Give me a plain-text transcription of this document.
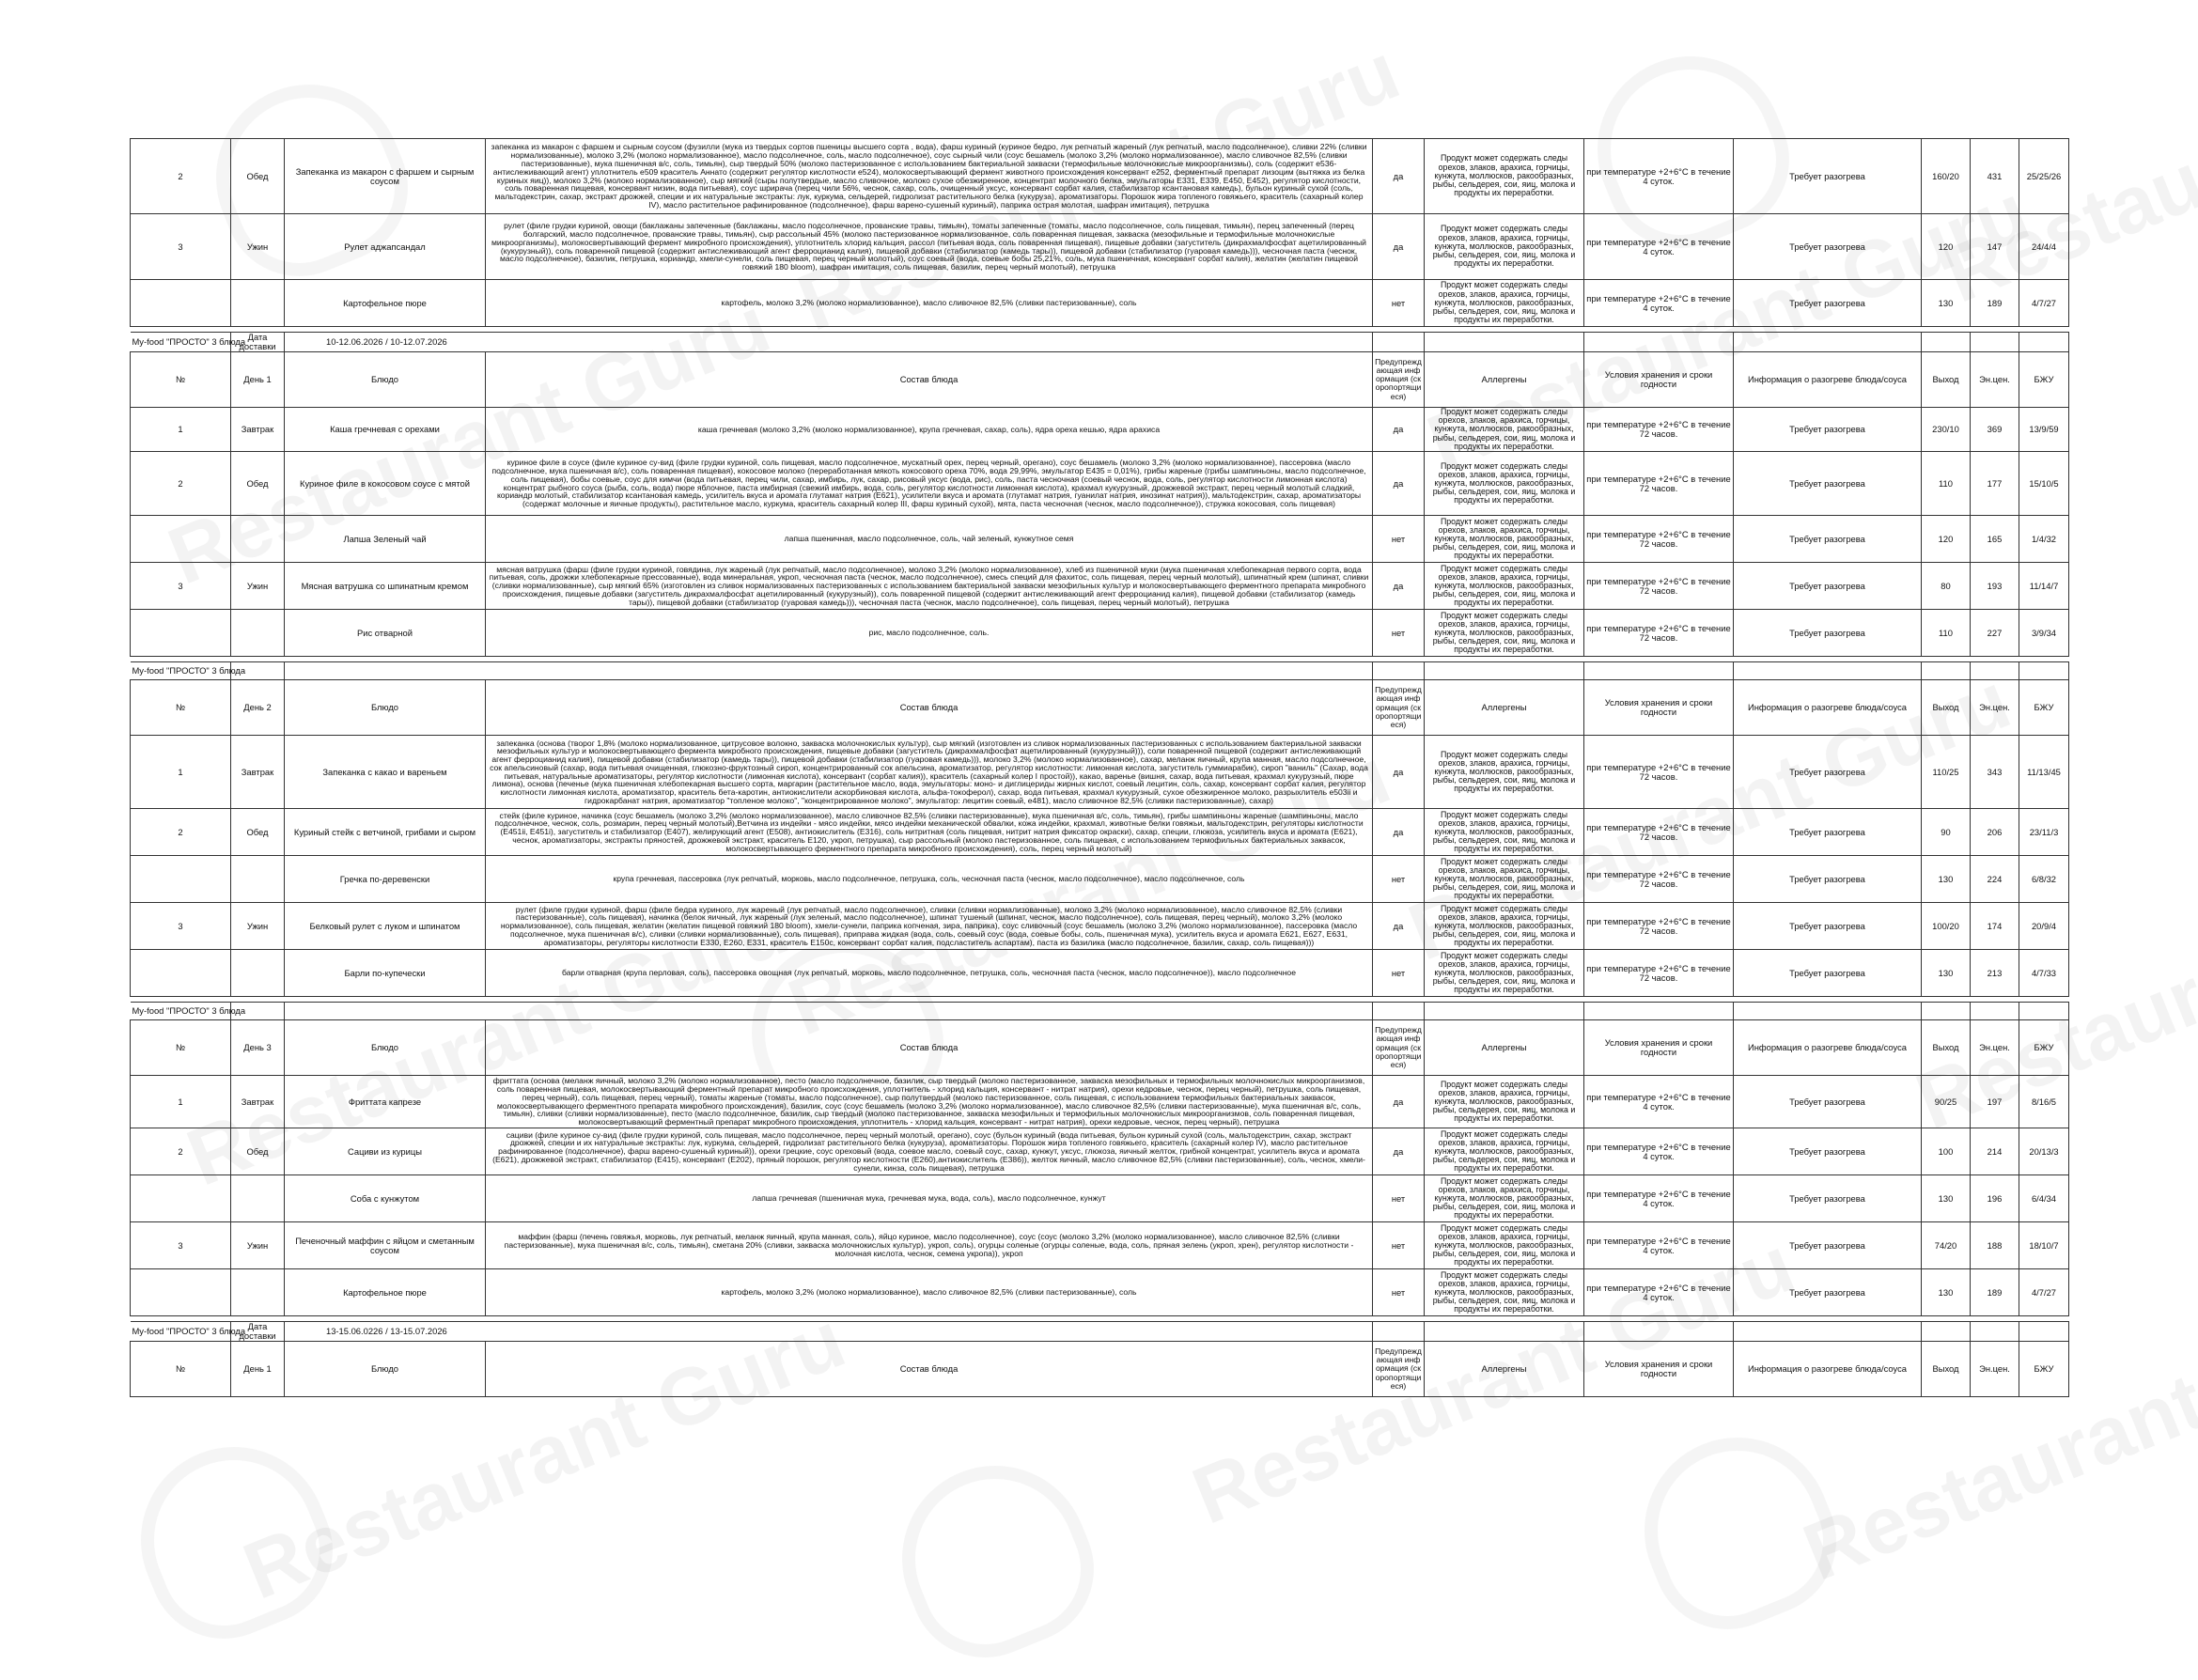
2	Обед	Запеканка из макарон с фаршем и сырным соусом	запеканка из макарон с фаршем и сырным соусом (фузилли (мука из твердых сортов пшеницы высшего сорта , вода), фарш куриный (куриное бедро, лук репчатый жареный (лук репчатый, масло подсолнечное), сливки 22% (сливки нормализованные), молоко 3,2% (молоко нормализованное), масло подсолнечное, соль, масло подсолнечное), соус сырный чили (соус бешамель (молоко 3,2% (молоко нормализованное), масло сливочное 82,5% (сливки пастеризованные), мука пшеничная в/с, соль, тимьян), сыр твердый 50% (молоко пастеризованное с использованием бактериальной закваски (термофильные молочнокислые микроорганизмы), соль (содержит е536- антислеживающий агент) уплотнитель е509 краситель Аннато (содержит регулятор кислотности е524), молокосвертывающий фермент животного происхождения консервант е252, ферментный препарат лизоцим (вытяжка из белка куриных яиц)), молоко 3,2% (молоко нормализованное), сыр мягкий (сыры полутвердые, масло сливочное, молоко сухое обезжиренное, концентрат молочного белка, эмульгаторы Е331, Е339, Е450, Е452), регулятор кислотности, соль поваренная пищевая, консервант низин, вода питьевая), соус шрирача (перец чили 56%, чеснок, сахар, соль, очищенный уксус, консервант сорбат калия, стабилизатор ксантановая камедь), бульон куриный сухой (соль, мальтодекстрин, сахар, экстракт дрожжей, специи и их натуральные экстракты: лук, куркума, сельдерей, гидролизат растительного белка (кукуруза), ароматизаторы. Порошок жира топленого говяжьего, краситель (сахарный колер IV), масло растительное рафинированное (подсолнечное), фарш варено-сушеный куриный), паприка острая молотая, шафран имитация), петрушка	да	Продукт может содержать следы орехов, злаков, арахиса, горчицы, кунжута, моллюсков, ракообразных, рыбы, сельдерея, сои, яиц, молока и продукты их переработки.	при температуре +2+6°С в течение 4 суток.	Требует разогрева	160/20	431	25/25/26
3	Ужин	Рулет аджапсандал	рулет (филе грудки куриной, овощи (баклажаны запеченные (баклажаны, масло подсолнечное, прованские травы, тимьян), томаты запеченные (томаты, масло подсолнечное, соль пищевая, тимьян), перец запеченный (перец болгарский, масло подсолнечное, прованские травы, тимьян), сыр рассольный 45% (молоко пастеризованное нормализованное, соль поваренная пищевая, закваска (мезофильные и термофильные молочнокислые микроорганизмы), молокосвертывающий фермент микробного происхождения), уплотнитель хлорид кальция, рассол (питьевая вода, соль поваренная пищевая), пищевые добавки (загуститель (дикрахмалфосфат ацетилированный (кукурузный)), соль поваренной пищевой (содержит антислеживающий агент ферроцианид калия), пищевой добавки (стабилизатор (камедь тары)), пищевой добавки (стабилизатор (гуаровая камедь))), чесночная паста (чеснок, масло подсолнечное), базилик, петрушка, кориандр, хмели-сунели, соль пищевая, перец черный молотый), соус соевый (вода, соевые бобы 25,21%, соль, мука пшеничная, консервант сорбат калия), желатин (желатин пищевой говяжий 180 bloom), шафран имитация, соль пищевая, базилик, перец черный молотый), петрушка	да	Продукт может содержать следы орехов, злаков, арахиса, горчицы, кунжута, моллюсков, ракообразных, рыбы, сельдерея, сои, яиц, молока и продукты их переработки.	при температуре +2+6°С в течение 4 суток.	Требует разогрева	120	147	24/4/4
		Картофельное пюре	картофель, молоко 3,2% (молоко нормализованное), масло сливочное 82,5% (сливки пастеризованные), соль	нет	Продукт может содержать следы орехов, злаков, арахиса, горчицы, кунжута, моллюсков, ракообразных, рыбы, сельдерея, сои, яиц, молока и продукты их переработки.	при температуре +2+6°С в течение 4 суток.	Требует разогрева	130	189	4/7/27

My-food "ПРОСТО" 3 блюда	Дата доставки	10-12.06.2026 / 10-12.07.2026								
№	День 1	Блюдо	Состав блюда	Предупреждающая информация (скоропортящиеся)	Аллергены	Условия хранения и сроки годности	Информация о разогреве блюда/соуса	Выход	Эн.цен.	БЖУ
1	Завтрак	Каша гречневая с орехами	каша гречневая (молоко 3,2% (молоко нормализованное), крупа гречневая, сахар, соль), ядра ореха кешью, ядра арахиса	да	Продукт может содержать следы орехов, злаков, арахиса, горчицы, кунжута, моллюсков, ракообразных, рыбы, сельдерея, сои, яиц, молока и продукты их переработки.	при температуре +2+6°С в течение 72 часов.	Требует разогрева	230/10	369	13/9/59
2	Обед	Куриное филе в кокосовом соусе с мятой	куриное филе в соусе (филе куриное су-вид (филе грудки куриной, соль пищевая, масло подсолнечное, мускатный орех, перец черный, орегано), соус бешамель (молоко 3,2% (молоко нормализованное), пассеровка (масло подсолнечное, мука пшеничная в/с), соль поваренная пищевая), кокосовое молоко (переработанная мякоть кокосового ореха 70%, вода 29,99%, эмульгатор Е435 = 0,01%), грибы жареные (грибы шампиньоны, масло подсолнечное, соль пищевая), бобы соевые, соус для кимчи (вода питьевая, перец чили, сахар, имбирь, лук, сахар, рисовый уксус (вода, рис), соль, паста чесночная (соевый чеснок, вода, соль, регулятор кислотности лимонная кислота) концентрат рыбного соуса (рыба, соль, вода) пюре яблочное, паста имбирная (свежий имбирь, вода, соль, регулятор кислотности лимонная кислота), крахмал кукурузный, дрожжевой экстракт, перец черный молотый сладкий, кориандр молотый, стабилизатор ксантановая камедь, усилитель вкуса и аромата глутамат натрия (Е621), усилители вкуса и аромата (глутамат натрия, гуанилат натрия, инозинат натрия)), мальтодекстрин, сахар, ароматизаторы (содержат молочные и яичные продукты), растительное масло, куркума, краситель сахарный колер III, фарш куриный сухой), мята, паста чесночная (чеснок, масло подсолнечное)), стружка кокосовая, соль пищевая)	да	Продукт может содержать следы орехов, злаков, арахиса, горчицы, кунжута, моллюсков, ракообразных, рыбы, сельдерея, сои, яиц, молока и продукты их переработки.	при температуре +2+6°С в течение 72 часов.	Требует разогрева	110	177	15/10/5
		Лапша Зеленый чай	лапша пшеничная, масло подсолнечное, соль, чай зеленый, кунжутное семя	нет	Продукт может содержать следы орехов, злаков, арахиса, горчицы, кунжута, моллюсков, ракообразных, рыбы, сельдерея, сои, яиц, молока и продукты их переработки.	при температуре +2+6°С в течение 72 часов.	Требует разогрева	120	165	1/4/32
3	Ужин	Мясная ватрушка со шпинатным кремом	мясная ватрушка (фарш (филе грудки куриной, говядина, лук жареный (лук репчатый, масло подсолнечное), молоко 3,2% (молоко нормализованное), хлеб из пшеничной муки (мука пшеничная хлебопекарная первого сорта, вода питьевая, соль, дрожжи хлебопекарные прессованные), вода минеральная, укроп, чесночная паста (чеснок, масло подсолнечное), смесь специй для фахитос, соль пищевая, перец черный молотый), шпинатный крем (шпинат, сливки (сливки нормализованные), сыр мягкий 65% (изготовлен из сливок нормализованных пастеризованных с использованием бактериальной закваски мезофильных культур и молокосвертывающего ферментного препарата микробного происхождения, пищевые добавки (загуститель дикрахмалфосфат ацетилированный (кукурузный)), соль поваренной пищевой (содержит антислеживающий агент ферроцианид калия), пищевой добавки (стабилизатор (камедь тары)), пищевой добавки (стабилизатор (гуаровая камедь))), чесночная паста (чеснок, масло подсолнечное), соль пищевая, перец черный молотый), петрушка	да	Продукт может содержать следы орехов, злаков, арахиса, горчицы, кунжута, моллюсков, ракообразных, рыбы, сельдерея, сои, яиц, молока и продукты их переработки.	при температуре +2+6°С в течение 72 часов.	Требует разогрева	80	193	11/14/7
		Рис отварной	рис, масло подсолнечное, соль.	нет	Продукт может содержать следы орехов, злаков, арахиса, горчицы, кунжута, моллюсков, ракообразных, рыбы, сельдерея, сои, яиц, молока и продукты их переработки.	при температуре +2+6°С в течение 72 часов.	Требует разогрева	110	227	3/9/34

My-food "ПРОСТО" 3 блюда										
№	День 2	Блюдо	Состав блюда	Предупреждающая информация (скоропортящиеся)	Аллергены	Условия хранения и сроки годности	Информация о разогреве блюда/соуса	Выход	Эн.цен.	БЖУ
1	Завтрак	Запеканка с какао и вареньем	запеканка (основа (творог 1,8% (молоко нормализованное, цитрусовое волокно, закваска молочнокислых культур), сыр мягкий (изготовлен из сливок нормализованных пастеризованных с использованием бактериальной закваски мезофильных культур и молокосвертывающего фермента микробного происхождения, пищевые добавки (загуститель (дикрахмалфосфат ацетилированный (кукурузный))), соли поваренной пищевой (содержит антислеживающий агент ферроцианид калия), пищевой добавки (стабилизатор (камедь тары)), пищевой добавки (стабилизатор (гуаровая камедь))), молоко 3,2% (молоко нормализованное), сахар, меланж яичный, крупа манная, масло подсолнечное, сок апельсиновый (сахар, вода питьевая очищенная, глюкозно-фруктозный сироп, концентрированный сок апельсина, ароматизатор, регулятор кислотности: лимонная кислота, загуститель гуммиарабик), сироп "ваниль" (Сахар, вода питьевая, натуральные ароматизаторы, регулятор кислотности (лимонная кислота), консервант (сорбат калия)), краситель (сахарный колер I простой)), какао, варенье (вишня, сахар, вода питьевая, крахмал кукурузный, пюре лимона), основа (печенье (мука пшеничная хлебопекарная высшего сорта, маргарин (растительное масло, вода, эмульгаторы: моно- и диглицериды жирных кислот, соевый лецитин, соль, сахар, консервант сорбат калия, регулятор кислотности лимонная кислота, ароматизатор, краситель бета-каротин, антиокислители аскорбиновая кислота, альфа-токоферол), сахар, вода питьевая, крахмал кукурузный, сухое обезжиренное молоко, разрыхлитель е503ii и гидрокарбанат натрия, ароматизатор "топленое молоко", "концентрированное молоко", эмульгатор: лецитин соевый, е481), масло сливочное 82,5% (сливки пастеризованные), сахар)	да	Продукт может содержать следы орехов, злаков, арахиса, горчицы, кунжута, моллюсков, ракообразных, рыбы, сельдерея, сои, яиц, молока и продукты их переработки.	при температуре +2+6°С в течение 72 часов.	Требует разогрева	110/25	343	11/13/45
2	Обед	Куриный стейк с ветчиной, грибами и сыром	стейк (филе куриное, начинка (соус бешамель (молоко 3,2% (молоко нормализованное), масло сливочное 82,5% (сливки пастеризованные), мука пшеничная в/с, соль, тимьян), грибы шампиньоны жареные (шампиньоны, масло подсолнечное, чеснок, соль, розмарин, перец черный молотый),Ветчина из индейки - мясо индейки, мясо индейки механической обвалки, кожа индейки, крахмал, животные белки говяжьи, мальтодекстрин, регуляторы кислотности (Е451ii, Е451i), загуститель и стабилизатор (Е407), желирующий агент (Е508), антиокислитель (Е316), соль нитритная (соль пищевая, нитрит натрия фиксатор окраски), сахар, специи, глюкоза, усилитель вкуса и аромата (Е621), чеснок, ароматизаторы, экстракты пряностей, дрожжевой экстракт, краситель Е120, укроп, петрушка), сыр рассольный (молоко пастеризованное, соль пищевая, с использованием термофильных бактериальных заквасок, молокосвертывающего ферментного препарата микробного происхождения), соль, перец черный молотый)	да	Продукт может содержать следы орехов, злаков, арахиса, горчицы, кунжута, моллюсков, ракообразных, рыбы, сельдерея, сои, яиц, молока и продукты их переработки.	при температуре +2+6°С в течение 72 часов.	Требует разогрева	90	206	23/11/3
		Гречка по-деревенски	крупа гречневая, пассеровка (лук репчатый, морковь, масло подсолнечное, петрушка, соль, чесночная паста (чеснок, масло подсолнечное), масло подсолнечное, соль	нет	Продукт может содержать следы орехов, злаков, арахиса, горчицы, кунжута, моллюсков, ракообразных, рыбы, сельдерея, сои, яиц, молока и продукты их переработки.	при температуре +2+6°С в течение 72 часов.	Требует разогрева	130	224	6/8/32
3	Ужин	Белковый рулет с луком и шпинатом	рулет (филе грудки куриной, фарш (филе бедра куриного, лук жареный (лук репчатый, масло подсолнечное), сливки (сливки нормализованные), молоко 3,2% (молоко нормализованное), масло сливочное 82,5% (сливки пастеризованные), соль пищевая), начинка (белок яичный, лук жареный (лук зеленый, масло подсолнечное), шпинат тушеный (шпинат, чеснок, масло подсолнечное), соль пищевая, перец черный), молоко 3,2% (молоко нормализованное), соль пищевая, желатин (желатин пищевой говяжий 180 bloom), хмели-сунели, паприка копченая, зира, паприка), соус сливочный (соус бешамель (молоко 3,2% (молоко нормализованное), пассеровка (масло подсолнечное, мука пшеничная в/с), сливки (сливки нормализованные), соль пищевая), приправа жидкая (вода, соль, соевый соус (вода, соевые бобы, соль, пшеничная мука), усилитель вкуса и аромата Е621, Е627, Е631, ароматизаторы, регуляторы кислотности Е330, Е260, Е331, краситель Е150с, консервант сорбат калия, подсластитель аспартам), паста из базилика (масло подсолнечное, базилик, сахар, соль пищевая)))	да	Продукт может содержать следы орехов, злаков, арахиса, горчицы, кунжута, моллюсков, ракообразных, рыбы, сельдерея, сои, яиц, молока и продукты их переработки.	при температуре +2+6°С в течение 72 часов.	Требует разогрева	100/20	174	20/9/4
		Барли по-купечески	барли отварная (крупа перловая, соль), пассеровка овощная (лук репчатый, морковь, масло подсолнечное, петрушка, соль, чесночная паста (чеснок, масло подсолнечное)), масло подсолнечное	нет	Продукт может содержать следы орехов, злаков, арахиса, горчицы, кунжута, моллюсков, ракообразных, рыбы, сельдерея, сои, яиц, молока и продукты их переработки.	при температуре +2+6°С в течение 72 часов.	Требует разогрева	130	213	4/7/33

My-food "ПРОСТО" 3 блюда										
№	День 3	Блюдо	Состав блюда	Предупреждающая информация (скоропортящиеся)	Аллергены	Условия хранения и сроки годности	Информация о разогреве блюда/соуса	Выход	Эн.цен.	БЖУ
1	Завтрак	Фриттата капрезе	фриттата (основа (меланж яичный, молоко 3,2% (молоко нормализованное), песто (масло подсолнечное, базилик, сыр твердый (молоко пастеризованное, закваска мезофильных и термофильных молочнокислых микроорганизмов, соль поваренная пищевая, молокосвертывающий ферментный препарат микробного происхождения, уплотнитель - хлорид кальция, консервант - нитрат натрия), орехи кедровые, чеснок, перец черный), петрушка, соль пищевая, перец черный), соль пищевая, перец черный), томаты жареные (томаты, масло подсолнечное), сыр полутвердый (молоко пастеризованное, соль пищевая, с использованием термофильных бактериальных заквасок, молокосвертывающего ферментного препарата микробного происхождения), базилик, соус (соус бешамель (молоко 3,2% (молоко нормализованное), масло сливочное 82,5% (сливки пастеризованные), мука пшеничная в/с, соль, тимьян), сливки (сливки нормализованные), песто (масло подсолнечное, базилик, сыр твердый (молоко пастеризованное, закваска мезофильных и термофильных молочнокислых микроорганизмов, соль поваренная пищевая, молокосвертывающий ферментный препарат микробного происхождения, уплотнитель - хлорид кальция, консервант - нитрат натрия), орехи кедровые, чеснок, перец черный), петрушка	да	Продукт может содержать следы орехов, злаков, арахиса, горчицы, кунжута, моллюсков, ракообразных, рыбы, сельдерея, сои, яиц, молока и продукты их переработки.	при температуре +2+6°С в течение 4 суток.	Требует разогрева	90/25	197	8/16/5
2	Обед	Сациви из курицы	сациви (филе куриное су-вид (филе грудки куриной, соль пищевая, масло подсолнечное, перец черный молотый, орегано), соус (бульон куриный (вода питьевая, бульон куриный сухой (соль, мальтодекстрин, сахар, экстракт дрожжей, специи и их натуральные экстракты: лук, куркума, сельдерей, гидролизат растительного белка (кукуруза), ароматизаторы. Порошок жира топленого говяжьего, краситель (сахарный колер IV), масло растительное рафинированное (подсолнечное), фарш варено-сушеный куриный)), орехи грецкие, соус ореховый (вода, соевое масло, соевый соус, сахар, кунжут, уксус, глюкоза, яичный желток, грибной концентрат, усилитель вкуса и аромата (Е621), дрожжевой экстракт, стабилизатор (Е415), консервант (Е202), пряный порошок, регулятор кислотности (Е260),антиокислитель (Е386)), желток яичный, масло сливочное 82,5% (сливки пастеризованные), соль, чеснок, хмели-сунели, кинза, соль пищевая), петрушка	да	Продукт может содержать следы орехов, злаков, арахиса, горчицы, кунжута, моллюсков, ракообразных, рыбы, сельдерея, сои, яиц, молока и продукты их переработки.	при температуре +2+6°С в течение 4 суток.	Требует разогрева	100	214	20/13/3
		Соба с кунжутом	лапша гречневая (пшеничная мука, гречневая мука, вода, соль), масло подсолнечное, кунжут	нет	Продукт может содержать следы орехов, злаков, арахиса, горчицы, кунжута, моллюсков, ракообразных, рыбы, сельдерея, сои, яиц, молока и продукты их переработки.	при температуре +2+6°С в течение 4 суток.	Требует разогрева	130	196	6/4/34
3	Ужин	Печеночный маффин с яйцом и сметанным соусом	маффин (фарш (печень говяжья, морковь, лук репчатый, меланж яичный, крупа манная, соль), яйцо куриное, масло подсолнечное), соус (соус (молоко 3,2% (молоко нормализованное), масло сливочное 82,5% (сливки пастеризованные), мука пшеничная в/с, соль, тимьян), сметана 20% (сливки, закваска молочнокислых культур), укроп, соль), огурцы соленые (огурцы соленые, вода, соль, пряная зелень (укроп, хрен), регулятор кислотности - молочная кислота, чеснок, семена укропа)), укроп	нет	Продукт может содержать следы орехов, злаков, арахиса, горчицы, кунжута, моллюсков, ракообразных, рыбы, сельдерея, сои, яиц, молока и продукты их переработки.	при температуре +2+6°С в течение 4 суток.	Требует разогрева	74/20	188	18/10/7
		Картофельное пюре	картофель, молоко 3,2% (молоко нормализованное), масло сливочное 82,5% (сливки пастеризованные), соль	нет	Продукт может содержать следы орехов, злаков, арахиса, горчицы, кунжута, моллюсков, ракообразных, рыбы, сельдерея, сои, яиц, молока и продукты их переработки.	при температуре +2+6°С в течение 4 суток.	Требует разогрева	130	189	4/7/27

My-food "ПРОСТО" 3 блюда	Дата доставки	13-15.06.0226 / 13-15.07.2026								
№	День 1	Блюдо	Состав блюда	Предупреждающая информация (скоропортящиеся)	Аллергены	Условия хранения и сроки годности	Информация о разогреве блюда/соуса	Выход	Эн.цен.	БЖУ
